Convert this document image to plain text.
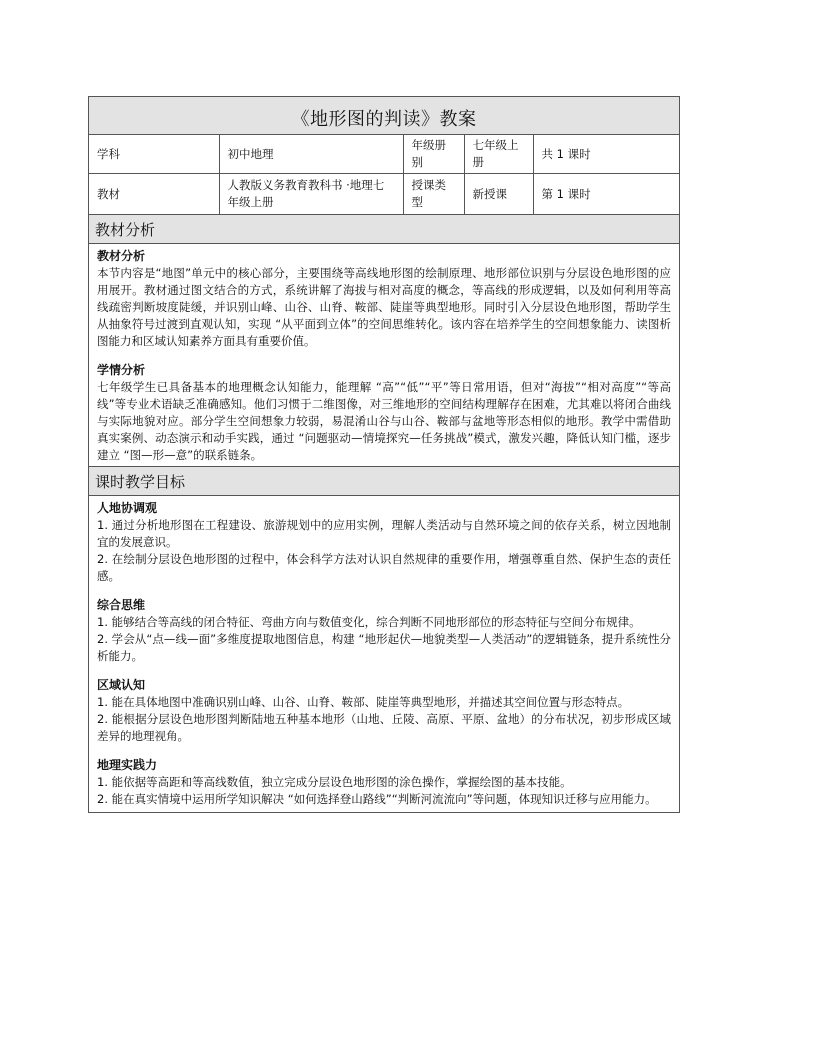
《地形图的判读》教案
学科	初中地理	年级册别	七年级上册	共 1 课时
教材	人教版义务教育教科书 ·地理七年级上册	授课类型	新授课	第 1 课时
教材分析
教材分析
本节内容是“地图”单元中的核心部分，主要围绕等高线地形图的绘制原理、地形部位识别与分层设色地形图的应用展开。教材通过图文结合的方式，系统讲解了海拔与相对高度的概念，等高线的形成逻辑，以及如何利用等高线疏密判断坡度陡缓，并识别山峰、山谷、山脊、鞍部、陡崖等典型地形。同时引入分层设色地形图，帮助学生从抽象符号过渡到直观认知，实现 “从平面到立体”的空间思维转化。该内容在培养学生的空间想象能力、读图析图能力和区域认知素养方面具有重要价值。
学情分析
七年级学生已具备基本的地理概念认知能力，能理解 “高”“低”“平”等日常用语，但对“海拔”“相对高度”“等高线”等专业术语缺乏准确感知。他们习惯于二维图像，对三维地形的空间结构理解存在困难，尤其难以将闭合曲线与实际地貌对应。部分学生空间想象力较弱，易混淆山谷与山谷、鞍部与盆地等形态相似的地形。教学中需借助真实案例、动态演示和动手实践，通过 “问题驱动—情境探究—任务挑战”模式，激发兴趣，降低认知门槛，逐步建立 “图—形—意”的联系链条。
课时教学目标
人地协调观
1. 通过分析地形图在工程建设、旅游规划中的应用实例，理解人类活动与自然环境之间的依存关系，树立因地制宜的发展意识。
2. 在绘制分层设色地形图的过程中，体会科学方法对认识自然规律的重要作用，增强尊重自然、保护生态的责任感。
综合思维
1. 能够结合等高线的闭合特征、弯曲方向与数值变化，综合判断不同地形部位的形态特征与空间分布规律。
2. 学会从“点—线—面”多维度提取地图信息，构建 “地形起伏—地貌类型—人类活动”的逻辑链条，提升系统性分析能力。
区域认知
1. 能在具体地图中准确识别山峰、山谷、山脊、鞍部、陡崖等典型地形，并描述其空间位置与形态特点。
2. 能根据分层设色地形图判断陆地五种基本地形（山地、丘陵、高原、平原、盆地）的分布状况，初步形成区域差异的地理视角。
地理实践力
1. 能依据等高距和等高线数值，独立完成分层设色地形图的涂色操作，掌握绘图的基本技能。
2. 能在真实情境中运用所学知识解决 “如何选择登山路线”“判断河流流向”等问题，体现知识迁移与应用能力。
